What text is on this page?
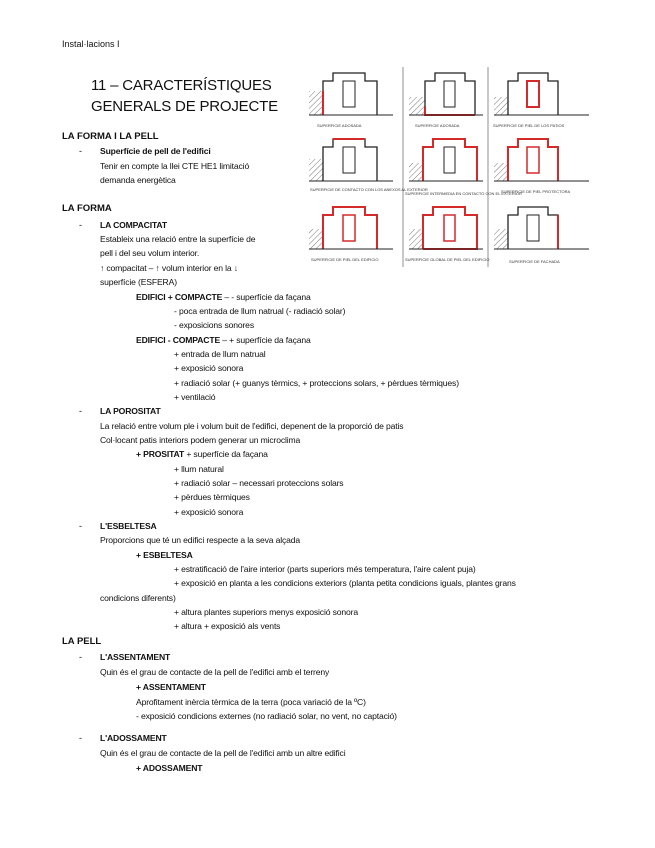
Instal·lacions I
11 – CARACTERÍSTIQUES
GENERALS DE PROJECTE
SUPERFICIE ADOSADA	SUPERFICIE ADOSADA	SUPERFICIE DE PIEL DE LOS PATIOS
SUPERFICIE DE CONTACTO CON LOS ANEXOS AL EXTERIOR
SUPERFICIE INTERMEDIA EN CONTACTO CON EL EXTERIOR
SUPERFICIE DE PIEL PROTECTORA
SUPERFICIE DE PIEL DEL EDIFICIO	SUPERFICIE GLOBAL DE PIEL DEL EDIFICIO	SUPERFICIE DE FACHADA
LA FORMA I LA PELL
- Superfície de pell de l'edifici
Tenir en compte la llei CTE HE1 limitació
demanda energètica
LA FORMA
- LA COMPACITAT
Estableix una relació entre la superfície de
pell i del seu volum interior.
↑ compacitat – ↑ volum interior en la ↓
superfície (ESFERA)
EDIFICI + COMPACTE – - superfície da façana
- poca entrada de llum natrual (- radiació solar)
- exposicions sonores
EDIFICI - COMPACTE – + superfície da façana
+ entrada de llum natrual
+ exposició sonora
+ radiació solar (+ guanys tèrmics, + proteccions solars, + pèrdues tèrmiques)
+ ventilació
- LA POROSITAT
La relació entre volum ple i volum buit de l'edifici, depenent de la proporció de patis
Col·locant patis interiors podem generar un microclima
+ PROSITAT + superfície da façana
+ llum natural
+ radiació solar – necessari proteccions solars
+ pèrdues tèrmiques
+ exposició sonora
- L'ESBELTESA
Proporcions que té un edifici respecte a la seva alçada
+ ESBELTESA
+ estratificació de l'aire interior (parts superiors més temperatura, l'aire calent puja)
+ exposició en planta a les condicions exteriors (planta petita condicions iguals, plantes grans
condicions diferents)
+ altura plantes superiors menys exposició sonora
+ altura + exposició als vents
LA PELL
- L'ASSENTAMENT
Quin és el grau de contacte de la pell de l'edifici amb el terreny
+ ASSENTAMENT
Aprofitament inèrcia tèrmica de la terra (poca variació de la ºC)
- exposició condicions externes (no radiació solar, no vent, no captació)
- L'ADOSSAMENT
Quin és el grau de contacte de la pell de l'edifici amb un altre edifici
+ ADOSSAMENT
